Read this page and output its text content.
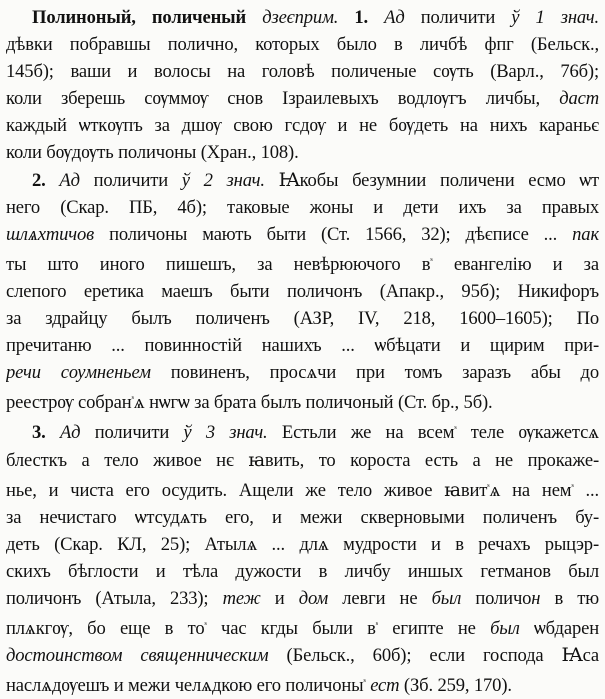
Полиноный, поличеный дзеєприм. 1. Ад поличити ў 1 знач.
дѣвки побравшы полично, которых было в личбѣ фпг (Бельск.,
145б); ваши и волосы на головѣ поличеные сѹть (Варл., 76б);
коли зберешь сѹммѹ снов Ізраилевыхъ водлѹгъ личбы, даст
каждый ѡткѹпъ за дшѹ свою гсдѹ и не бѹдеть на нихъ караньє
коли бѹдѹть поличоны (Хран., 108).
2. Ад поличити ў 2 знач. Ꙗкобы безумнии поличени есмо ѡт
него (Скар. ПБ, 4б); таковые жоны и дети ихъ за правых
шлѧхтичов поличоны мають быти (Ст. 1566, 32); дѣєписе ... пак
ты што иного пишешъ, за невѣрюючого $в^ˢ$ евангелію и за
слепого еретика маешъ быти поличонъ (Апакр., 95б); Никифоръ
за здрайцу былъ поличенъ (АЗР, IV, 218, 1600–1605); По
пречитаню ... повинностій нашихъ ... ѡбѣцати и щирим при-
речи сѹмненьем повиненъ, просѧчи при томъ заразъ абы до
реестрѹ собран$^ˢ$ѧ нѡгѡ за брата былъ поличоный (Ст. бр., 5б).
3. Ад поличити ў 3 знач. Естьли же на всем$^ˢ$ теле ѹкажетсѧ
блесткъ а тело живое нє ꙗвить, то короста есть а не прокаже-
нье, и чиста его осудить. Ащели же тело живое ꙗвит$^ˢ$ѧ на нем$^ˢ$ ...
за нечистаго ѡтсудѧть его, и межи скверновыми поличенъ бу-
деть (Скар. КЛ, 25); Атылѧ ... длѧ мудрости и в речахъ рыцэр-
скихъ бѣглости и тѣла дужости в личбу иншых гетманов был
поличонъ (Атыла, 233); теж и дом левги не был поличон в тю
плѧкгѹ, бо еще в $то^ˢ$ час кгды были $в^ˢ$ египте не был ѡбдарен
достоинством священническим (Бельск., 60б); если господа Ꙗса
наслѧдѹешъ и межи челѧдкою его поличоны$^ˢ$ ест (Зб. 259, 170).
